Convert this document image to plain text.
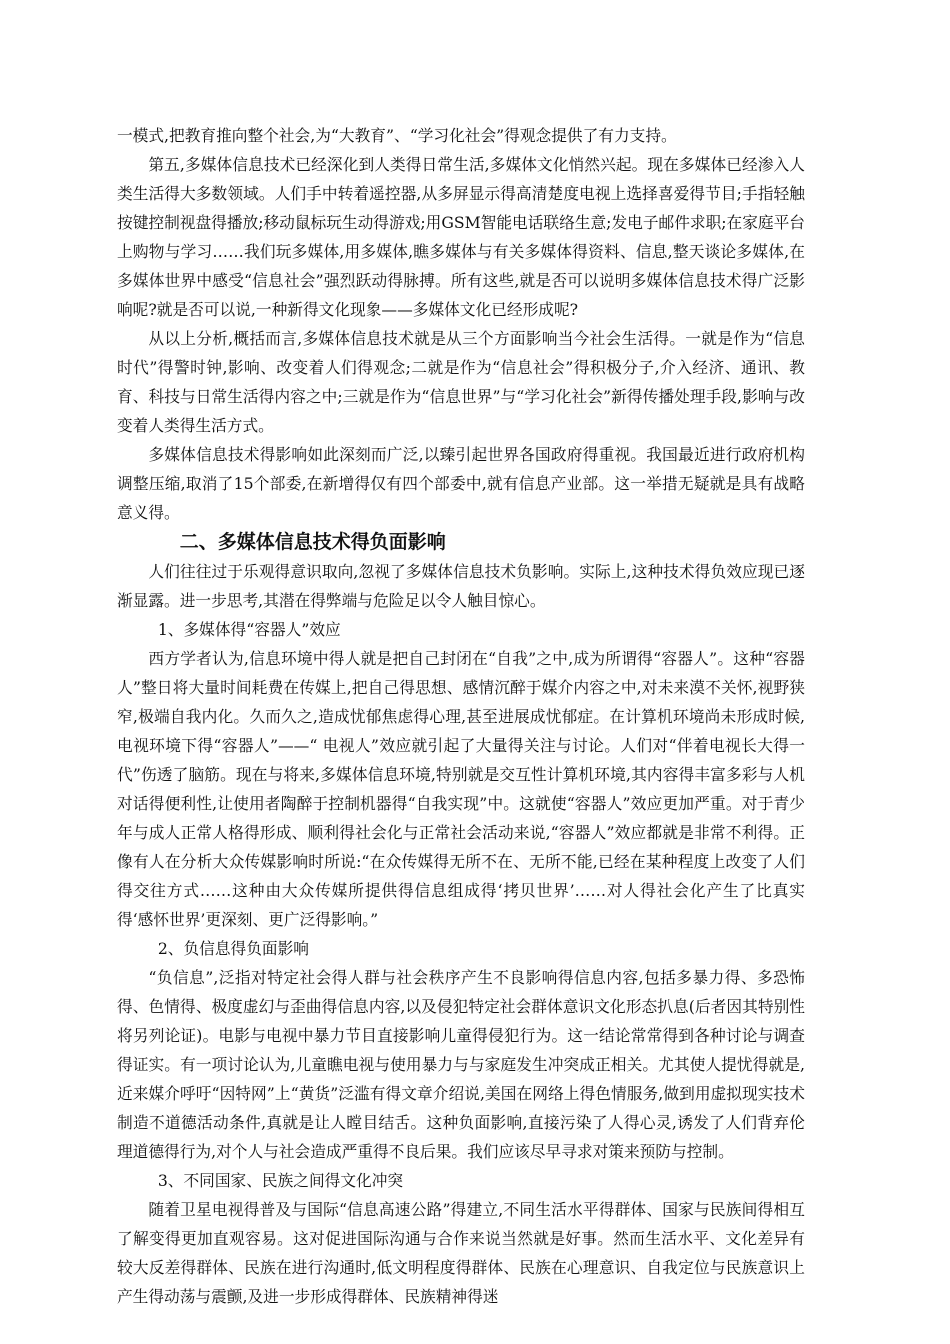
一模式,把教育推向整个社会,为“大教育”、“学习化社会”得观念提供了有力支持。

第五,多媒体信息技术已经深化到人类得日常生活,多媒体文化悄然兴起。现在多媒体已经渗入人类生活得大多数领域。人们手中转着遥控器,从多屏显示得高清楚度电视上选择喜爱得节目;手指轻触按键控制视盘得播放;移动鼠标玩生动得游戏;用GSM智能电话联络生意;发电子邮件求职;在家庭平台上购物与学习……我们玩多媒体,用多媒体,瞧多媒体与有关多媒体得资料、信息,整天谈论多媒体,在多媒体世界中感受“信息社会”强烈跃动得脉搏。所有这些,就是否可以说明多媒体信息技术得广泛影响呢?就是否可以说,一种新得文化现象——多媒体文化已经形成呢?

从以上分析,概括而言,多媒体信息技术就是从三个方面影响当今社会生活得。一就是作为“信息时代”得警时钟,影响、改变着人们得观念;二就是作为“信息社会”得积极分子,介入经济、通讯、教育、科技与日常生活得内容之中;三就是作为“信息世界”与“学习化社会”新得传播处理手段,影响与改变着人类得生活方式。

多媒体信息技术得影响如此深刻而广泛,以臻引起世界各国政府得重视。我国最近进行政府机构调整压缩,取消了15个部委,在新增得仅有四个部委中,就有信息产业部。这一举措无疑就是具有战略意义得。

二、多媒体信息技术得负面影响

人们往往过于乐观得意识取向,忽视了多媒体信息技术负影响。实际上,这种技术得负效应现已逐渐显露。进一步思考,其潜在得弊端与危险足以令人触目惊心。

1、多媒体得“容器人”效应

西方学者认为,信息环境中得人就是把自己封闭在“自我”之中,成为所谓得“容器人”。这种“容器人”整日将大量时间耗费在传媒上,把自己得思想、感情沉醉于媒介内容之中,对未来漠不关怀,视野狭窄,极端自我内化。久而久之,造成忧郁焦虑得心理,甚至进展成忧郁症。在计算机环境尚未形成时候,电视环境下得“容器人”——“ 电视人”效应就引起了大量得关注与讨论。人们对“伴着电视长大得一代”伤透了脑筋。现在与将来,多媒体信息环境,特别就是交互性计算机环境,其内容得丰富多彩与人机对话得便利性,让使用者陶醉于控制机器得“自我实现”中。这就使“容器人”效应更加严重。对于青少年与成人正常人格得形成、顺利得社会化与正常社会活动来说,“容器人”效应都就是非常不利得。正像有人在分析大众传媒影响时所说:“在众传媒得无所不在、无所不能,已经在某种程度上改变了人们得交往方式……这种由大众传媒所提供得信息组成得‘拷贝世界’……对人得社会化产生了比真实得‘感怀世界’更深刻、更广泛得影响。”

2、负信息得负面影响

“负信息”,泛指对特定社会得人群与社会秩序产生不良影响得信息内容,包括多暴力得、多恐怖得、色情得、极度虚幻与歪曲得信息内容,以及侵犯特定社会群体意识文化形态扒息(后者因其特别性将另列论证)。电影与电视中暴力节目直接影响儿童得侵犯行为。这一结论常常得到各种讨论与调查得证实。有一项讨论认为,儿童瞧电视与使用暴力与与家庭发生冲突成正相关。尤其使人提忧得就是,近来媒介呼吁“因特网”上“黄货”泛滥有得文章介绍说,美国在网络上得色情服务,做到用虚拟现实技术制造不道德活动条件,真就是让人瞠目结舌。这种负面影响,直接污染了人得心灵,诱发了人们背弃伦理道德得行为,对个人与社会造成严重得不良后果。我们应该尽早寻求对策来预防与控制。

3、不同国家、民族之间得文化冲突

随着卫星电视得普及与国际“信息高速公路”得建立,不同生活水平得群体、国家与民族间得相互了解变得更加直观容易。这对促进国际沟通与合作来说当然就是好事。然而生活水平、文化差异有较大反差得群体、民族在进行沟通时,低文明程度得群体、民族在心理意识、自我定位与民族意识上产生得动荡与震颤,及进一步形成得群体、民族精神得迷
